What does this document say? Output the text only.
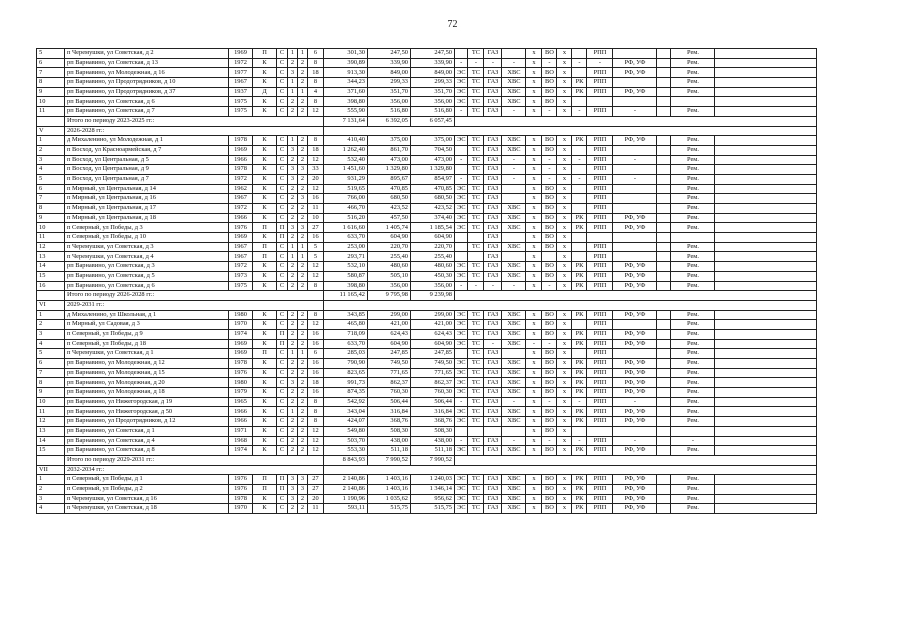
72
5	п Черемушки, ул Советская, д 2	1969	П	С	1	1	6	301,30	247,50	247,50		ТС	ГАЗ		х	ВО	х		РПП			Рем.	
6	рп Варнавино, ул Советская, д 13	1972	К	С	2	2	8	390,89	339,90	339,90	-	-	-	-	х	-	х	-	-	РФ, УФ		Рем.	
7	рп Варнавино, ул Молодежная, д 16	1977	К	С	3	2	18	913,30	849,00	849,00	ЭС	ТС	ГАЗ	ХВС	х	ВО	х		РПП	РФ, УФ		Рем.	
8	рп Варнавино, ул Продотрядников, д 10	1967	К	С	1	2	8	344,23	299,33	299,33	ЭС	ТС	ГАЗ	ХВС	х	ВО	х	РК	РПП			Рем.	
9	рп Варнавино, ул Продотрядников, д 37	1937	Д	С	1	1	4	371,60	351,70	351,70	ЭС	ТС	ГАЗ	ХВС	х	ВО	х	РК	РПП	РФ, УФ		Рем.	
10	рп Варнавино, ул Советская, д 6	1975	К	С	2	2	8	398,80	356,00	356,00	ЭС	ТС	ГАЗ	ХВС	х	ВО	х						
11	рп Варнавино, ул Советская, д 7	1975	К	С	2	2	12	555,90	516,80	516,80	-	ТС	ГАЗ	-	х	-	х	-	РПП	-		Рем.	
	Итого по периоду 2023-2025 гг.:							7 131,64	6 392,05	6 057,45													
V	2026-2028 гг.:																						
1	д Михаленино, ул Молодежная, д 1	1978	К	С	1	2	8	410,40	375,00	375,00	ЭС	ТС	ГАЗ	ХВС	х	ВО	х	РК	РПП	РФ, УФ		Рем.	
2	п Восход, ул Красноармейская, д 7	1969	К	С	3	2	18	1 262,40	861,70	704,50		ТС	ГАЗ	ХВС	х	ВО	х		РПП			Рем.	
3	п Восход, ул Центральная, д 5	1966	К	С	2	2	12	532,40	473,00	473,00	-	ТС	ГАЗ	-	х	-	х	-	РПП	-		Рем.	
4	п Восход, ул Центральная, д 9	1978	К	С	3	3	33	1 451,60	1 329,80	1 329,80		ТС	ГАЗ	-	х	-	х		РПП			Рем.	
5	п Восход, ул Центральная, д 7	1972	К	С	3	2	20	931,29	895,67	854,97	-	ТС	ГАЗ	-	х	-	х	-	РПП	-		Рем.	
6	п Мирный, ул Центральная, д 14	1962	К	С	2	2	12	519,65	470,85	470,85	ЭС	ТС	ГАЗ		х	ВО	х		РПП			Рем.	
7	п Мирный, ул Центральная, д 16	1967	К	С	2	3	16	766,00	680,50	680,50	ЭС	ТС	ГАЗ		х	ВО	х		РПП			Рем.	
8	п Мирный, ул Центральная, д 17	1972	К	С	2	2	11	466,70	423,52	423,52	ЭС	ТС	ГАЗ	ХВС	х	ВО	х		РПП			Рем.	
9	п Мирный, ул Центральная, д 18	1966	К	С	2	2	10	516,20	457,50	374,40	ЭС	ТС	ГАЗ	ХВС	х	ВО	х	РК	РПП	РФ, УФ		Рем.	
10	п Северный, ул Победы, д 3	1976	П	П	3	3	27	1 616,60	1 405,74	1 185,54	ЭС	ТС	ГАЗ	ХВС	х	ВО	х	РК	РПП	РФ, УФ		Рем.	
11	п Северный, ул Победы, д 10	1969	К	П	2	2	16	633,70	604,90	604,90			ГАЗ		х	ВО	х						
12	п Черемушки, ул Советская, д 3	1967	П	С	1	1	5	253,00	220,70	220,70		ТС	ГАЗ	ХВС	х	ВО	х		РПП			Рем.	
13	п Черемушки, ул Советская, д 4	1967	П	С	1	1	5	293,71	255,40	255,40			ГАЗ		х		х		РПП			Рем.	
14	рп Варнавино, ул Советская, д 3	1972	К	С	2	2	12	532,10	480,60	480,60	ЭС	ТС	ГАЗ	ХВС	х	ВО	х	РК	РПП	РФ, УФ		Рем.	
15	рп Варнавино, ул Советская, д 5	1973	К	С	2	2	12	580,87	505,10	450,30	ЭС	ТС	ГАЗ	ХВС	х	ВО	х	РК	РПП	РФ, УФ		Рем.	
16	рп Варнавино, ул Советская, д 6	1975	К	С	2	2	8	398,80	356,00	356,00	-	-	-	-	х	-	х	РК	РПП	РФ, УФ		Рем.	
	Итого по периоду 2026-2028 гг.:							11 165,42	9 795,98	9 239,98													
VI	2029-2031 гг.:																						
1	д Михаленино, ул Школьная, д 1	1980	К	С	2	2	8	343,85	299,00	299,00	ЭС	ТС	ГАЗ	ХВС	х	ВО	х	РК	РПП	РФ, УФ		Рем.	
2	п Мирный, ул Садовая, д 3	1970	К	С	2	2	12	465,80	421,00	421,00	ЭС	ТС	ГАЗ	ХВС	х	ВО	х		РПП			Рем.	
3	п Северный, ул Победы, д 9	1974	К	П	2	2	16	718,09	624,43	624,43	ЭС	ТС	ГАЗ	ХВС	х	ВО	х	РК	РПП	РФ, УФ		Рем.	
4	п Северный, ул Победы, д 18	1969	К	П	2	2	16	633,70	604,90	604,90	ЭС	ТС	-	ХВС	-	-	х	РК	РПП	РФ, УФ		Рем.	
5	п Черемушки, ул Советская, д 1	1969	П	С	1	1	6	285,03	247,85	247,85		ТС	ГАЗ		х	ВО	х		РПП			Рем.	
6	рп Варнавино, ул Молодежная, д 12	1978	К	С	2	2	16	790,90	749,50	749,50	ЭС	ТС	ГАЗ	ХВС	х	ВО	х	РК	РПП	РФ, УФ		Рем.	
7	рп Варнавино, ул Молодежная, д 15	1976	К	С	2	2	16	823,65	771,65	771,65	ЭС	ТС	ГАЗ	ХВС	х	ВО	х	РК	РПП	РФ, УФ		Рем.	
8	рп Варнавино, ул Молодежная, д 20	1980	К	С	3	2	18	991,73	862,37	862,37	ЭС	ТС	ГАЗ	ХВС	х	ВО	х	РК	РПП	РФ, УФ		Рем.	
9	рп Варнавино, ул Молодежная, д 18	1979	К	С	2	2	16	874,35	760,30	760,30	ЭС	ТС	ГАЗ	ХВС	х	ВО	х	РК	РПП	РФ, УФ		Рем.	
10	рп Варнавино, ул Нижегородская, д 19	1965	К	С	2	2	8	542,92	506,44	506,44	-	ТС	ГАЗ	-	х	-	х	-	РПП	-		Рем.	
11	рп Варнавино, ул Нижегородская, д 50	1966	К	С	1	2	8	343,04	316,84	316,84	ЭС	ТС	ГАЗ	ХВС	х	ВО	х	РК	РПП	РФ, УФ		Рем.	
12	рп Варнавино, ул Продотрядников, д 12	1966	К	С	2	2	8	424,07	368,76	368,76	ЭС	ТС	ГАЗ	ХВС	х	ВО	х	РК	РПП	РФ, УФ		Рем.	
13	рп Варнавино, ул Советская, д 1	1971	К	С	2	2	12	549,80	508,30	508,30					х	ВО	х						
14	рп Варнавино, ул Советская, д 4	1968	К	С	2	2	12	503,70	438,00	438,00	-	ТС	ГАЗ	-	х	-	х	-	РПП	-		-	
15	рп Варнавино, ул Советская, д 8	1974	К	С	2	2	12	553,30	511,18	511,18	ЭС	ТС	ГАЗ	ХВС	х	ВО	х	РК	РПП	РФ, УФ		Рем.	
	Итого по периоду 2029-2031 гг.:							8 843,93	7 990,52	7 990,52													
VII	2032-2034 гг.:																						
1	п Северный, ул Победы, д 1	1976	П	П	3	3	27	2 140,86	1 403,16	1 240,03	ЭС	ТС	ГАЗ	ХВС	х	ВО	х	РК	РПП	РФ, УФ		Рем.	
2	п Северный, ул Победы, д 2	1976	П	П	3	3	27	2 140,86	1 403,16	1 346,14	ЭС	ТС	ГАЗ	ХВС	х	ВО	х	РК	РПП	РФ, УФ		Рем.	
3	п Черемушки, ул Советская, д 16	1978	К	С	3	2	20	1 190,96	1 035,62	956,62	ЭС	ТС	ГАЗ	ХВС	х	ВО	х	РК	РПП	РФ, УФ		Рем.	
4	п Черемушки, ул Советская, д 18	1970	К	С	2	2	11	593,11	515,75	515,75	ЭС	ТС	ГАЗ	ХВС	х	ВО	х	РК	РПП	РФ, УФ		Рем.	
